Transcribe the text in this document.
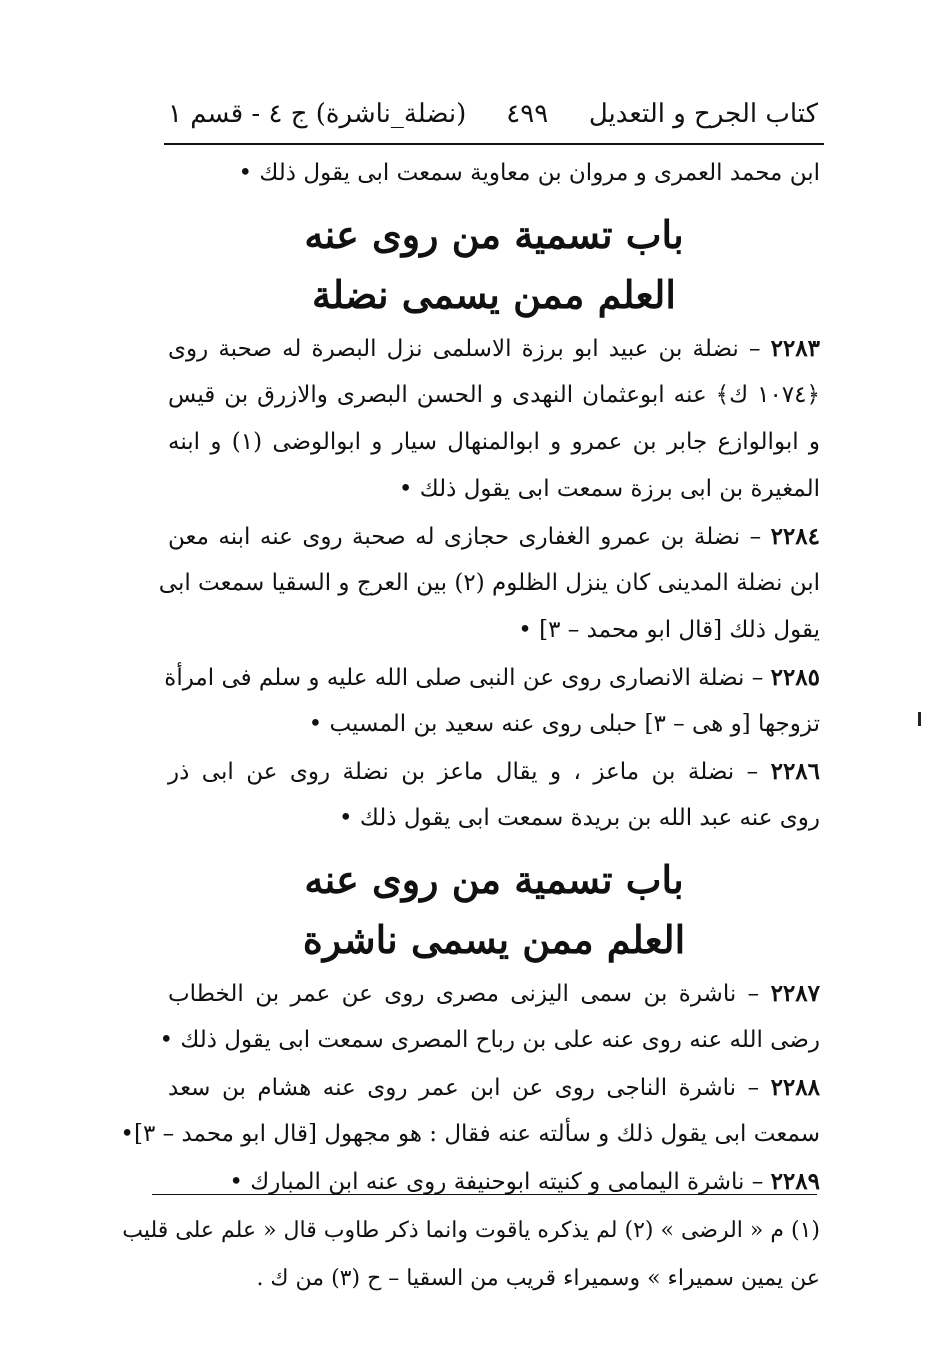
كتاب الجرح و التعديل
٤٩٩
(نضلة_ناشرة) ج ٤ - قسم ١
ابن محمد العمرى و مروان بن معاوية سمعت ابى يقول ذلك •
باب تسمية من روى عنه
العلم ممن يسمى نضلة
٢٢٨٣ – نضلة بن عبيد ابو برزة الاسلمى نزل البصرة له صحبة روى
﴿١٠٧٤ ك﴾ عنه ابوعثمان النهدى و الحسن البصرى والازرق بن قيس
و ابوالوازع جابر بن عمرو و ابوالمنهال سيار و ابوالوضى (١) و ابنه
المغيرة بن ابى برزة سمعت ابى يقول ذلك •
٢٢٨٤ – نضلة بن عمرو الغفارى حجازى له صحبة روى عنه ابنه معن
ابن نضلة المدينى كان ينزل الظلوم (٢) بين العرج و السقيا سمعت ابى
يقول ذلك [قال ابو محمد – ٣] •
٢٢٨٥ – نضلة الانصارى روى عن النبى صلى الله عليه و سلم فى امرأة
تزوجها [و هى – ٣] حبلى روى عنه سعيد بن المسيب •
٢٢٨٦ – نضلة بن ماعز ، و يقال ماعز بن نضلة روى عن ابى ذر
روى عنه عبد الله بن بريدة سمعت ابى يقول ذلك •
باب تسمية من روى عنه
العلم ممن يسمى ناشرة
٢٢٨٧ – ناشرة بن سمى اليزنى مصرى روى عن عمر بن الخطاب
رضى الله عنه روى عنه على بن رباح المصرى سمعت ابى يقول ذلك •
٢٢٨٨ – ناشرة الناجى روى عن ابن عمر روى عنه هشام بن سعد
سمعت ابى يقول ذلك و سألته عنه فقال : هو مجهول [قال ابو محمد – ٣]•
٢٢٨٩ – ناشرة اليمامى و كنيته ابوحنيفة روى عنه ابن المبارك •
(١) م « الرضى » (٢) لم يذكره ياقوت وانما ذكر طاوب قال « علم على قليب
عن يمين سميراء » وسميراء قريب من السقيا – ح (٣) من ك .
